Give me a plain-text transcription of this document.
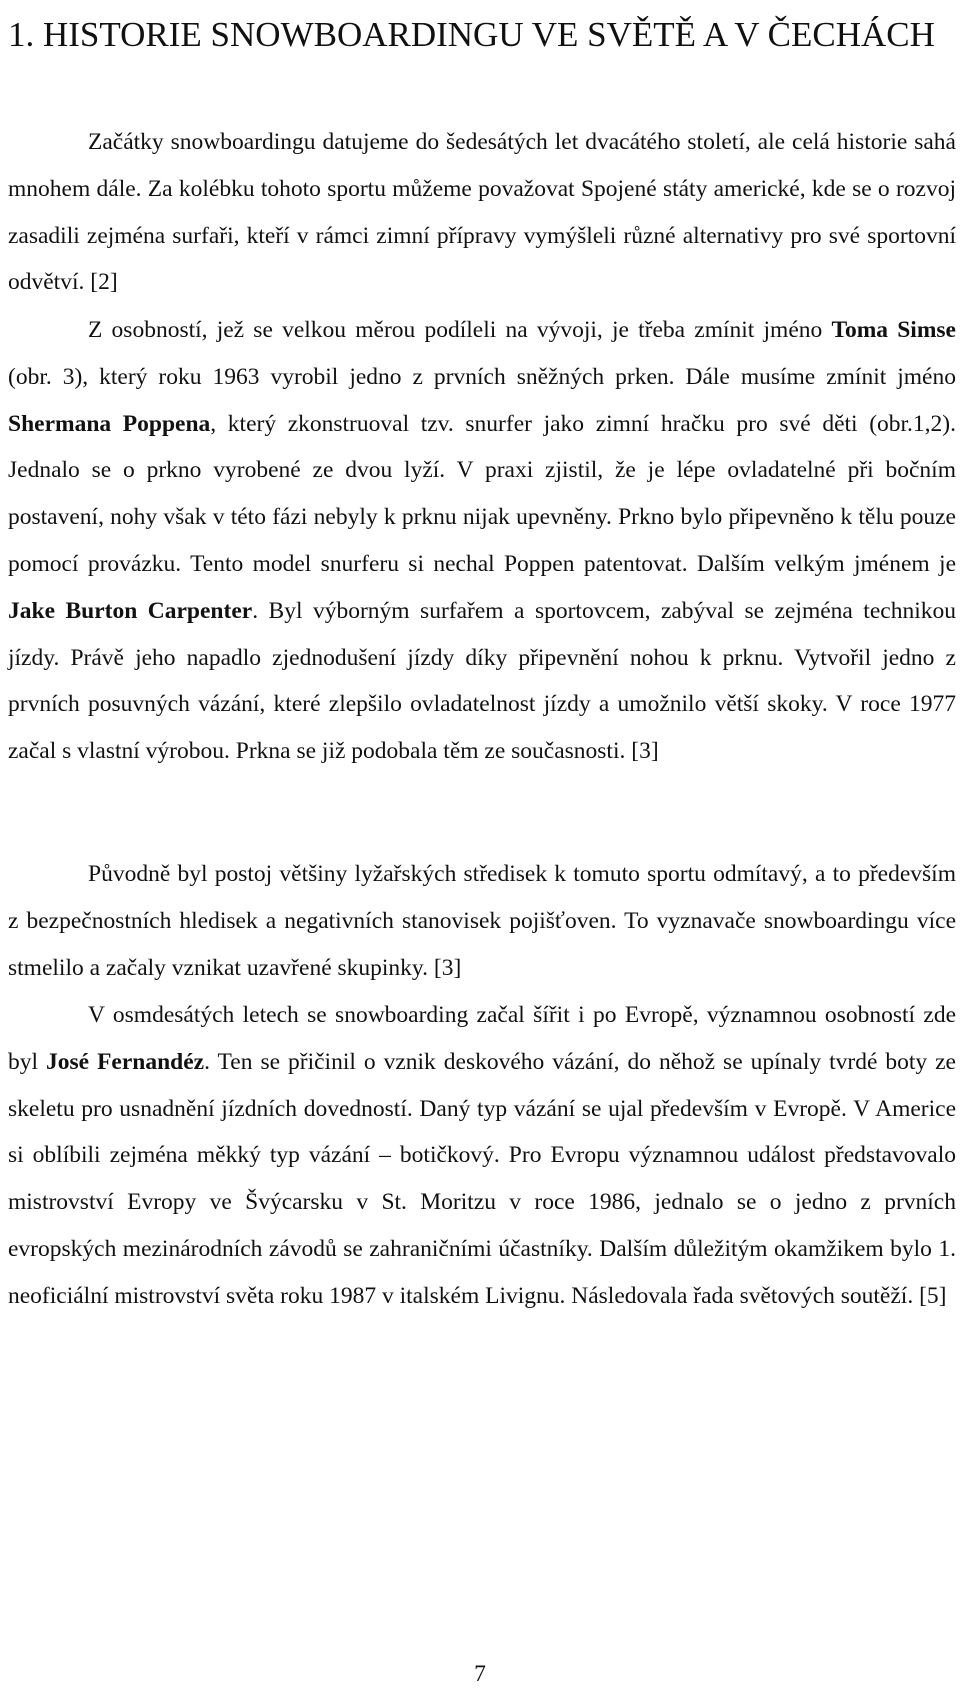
1. HISTORIE SNOWBOARDINGU VE SVĚTĚ A V ČECHÁCH

Začátky snowboardingu datujeme do šedesátých let dvacátého století, ale celá historie sahá mnohem dále. Za kolébku tohoto sportu můžeme považovat Spojené státy americké, kde se o rozvoj zasadili zejména surfaři, kteří v rámci zimní přípravy vymýšleli různé alternativy pro své sportovní odvětví. [2]

Z osobností, jež se velkou měrou podíleli na vývoji, je třeba zmínit jméno Toma Simse (obr. 3), který roku 1963 vyrobil jedno z prvních sněžných prken. Dále musíme zmínit jméno Shermana Poppena, který zkonstruoval tzv. snurfer jako zimní hračku pro své děti (obr.1,2). Jednalo se o prkno vyrobené ze dvou lyží. V praxi zjistil, že je lépe ovladatelné při bočním postavení, nohy však v této fázi nebyly k prknu nijak upevněny. Prkno bylo připevněno k tělu pouze pomocí provázku. Tento model snurferu si nechal Poppen patentovat. Dalším velkým jménem je Jake Burton Carpenter. Byl výborným surfařem a sportovcem, zabýval se zejména technikou jízdy. Právě jeho napadlo zjednodušení jízdy díky připevnění nohou k prknu. Vytvořil jedno z prvních posuvných vázání, které zlepšilo ovladatelnost jízdy a umožnilo větší skoky. V roce 1977 začal s vlastní výrobou. Prkna se již podobala těm ze současnosti. [3]

Původně byl postoj většiny lyžařských středisek k tomuto sportu odmítavý, a to především z bezpečnostních hledisek a negativních stanovisek pojišťoven. To vyznavače snowboardingu více stmelilo a začaly vznikat uzavřené skupinky. [3]

V osmdesátých letech se snowboarding začal šířit i po Evropě, významnou osobností zde byl José Fernandéz. Ten se přičinil o vznik deskového vázání, do něhož se upínaly tvrdé boty ze skeletu pro usnadnění jízdních dovedností. Daný typ vázání se ujal především v Evropě. V Americe si oblíbili zejména měkký typ vázání – botičkový. Pro Evropu významnou událost představovalo mistrovství Evropy ve Švýcarsku v St. Moritzu v roce 1986, jednalo se o jedno z prvních evropských mezinárodních závodů se zahraničními účastníky. Dalším důležitým okamžikem bylo 1. neoficiální mistrovství světa roku 1987 v italském Livignu. Následovala řada světových soutěží. [5]

7
